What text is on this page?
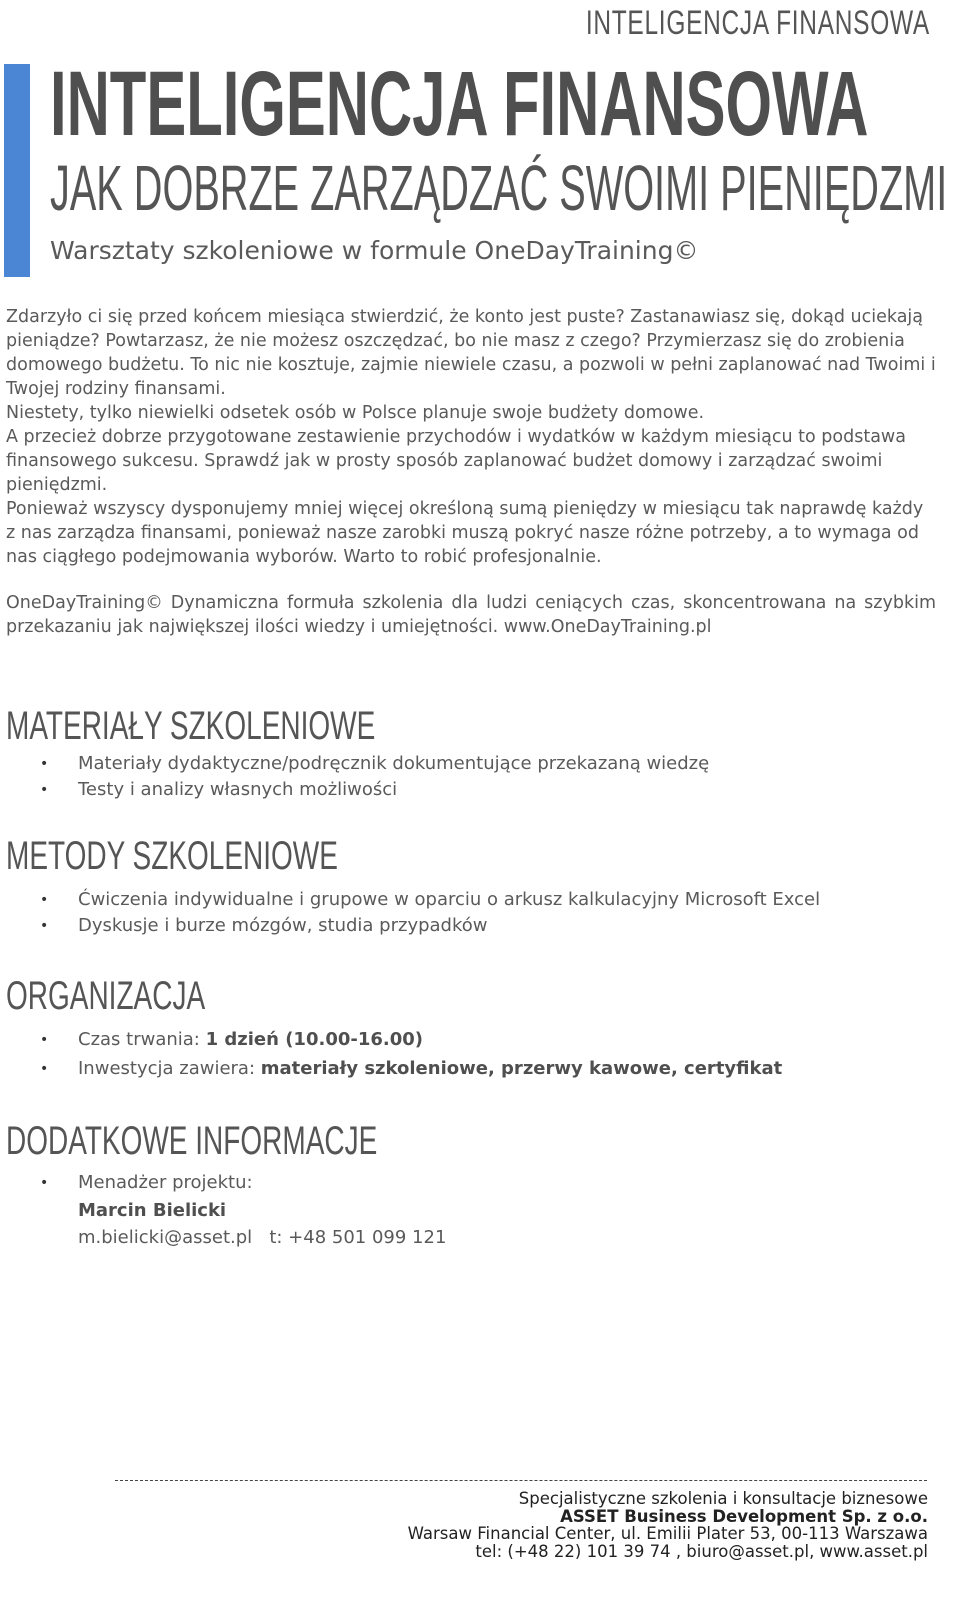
INTELIGENCJA FINANSOWA
INTELIGENCJA FINANSOWA
JAK DOBRZE ZARZĄDZAĆ SWOIMI PIENIĘDZMI
Warsztaty szkoleniowe w formule OneDayTraining©

Zdarzyło ci się przed końcem miesiąca stwierdzić, że konto jest puste? Zastanawiasz się, dokąd uciekają pieniądze? Powtarzasz, że nie możesz oszczędzać, bo nie masz z czego? Przymierzasz się do zrobienia domowego budżetu. To nic nie kosztuje, zajmie niewiele czasu, a pozwoli w pełni zaplanować nad Twoimi i Twojej rodziny finansami.

Niestety, tylko niewielki odsetek osób w Polsce planuje swoje budżety domowe.

A przecież dobrze przygotowane zestawienie przychodów i wydatków w każdym miesiącu to podstawa finansowego sukcesu. Sprawdź jak w prosty sposób zaplanować budżet domowy i zarządzać swoimi pieniędzmi.

Ponieważ wszyscy dysponujemy mniej więcej określoną sumą pieniędzy w miesiącu tak naprawdę każdy z nas zarządza finansami, ponieważ nasze zarobki muszą pokryć nasze różne potrzeby, a to wymaga od nas ciągłego podejmowania wyborów. Warto to robić profesjonalnie.

OneDayTraining© Dynamiczna formuła szkolenia dla ludzi ceniących czas, skoncentrowana na szybkim przekazaniu jak największej ilości wiedzy i umiejętności. www.OneDayTraining.pl

MATERIAŁY SZKOLENIOWE
• Materiały dydaktyczne/podręcznik dokumentujące przekazaną wiedzę
• Testy i analizy własnych możliwości
METODY SZKOLENIOWE
• Ćwiczenia indywidualne i grupowe w oparciu o arkusz kalkulacyjny Microsoft Excel
• Dyskusje i burze mózgów, studia przypadków
ORGANIZACJA
• Czas trwania: 1 dzień (10.00-16.00)
• Inwestycja zawiera: materiały szkoleniowe, przerwy kawowe, certyfikat
DODATKOWE INFORMACJE
• Menadżer projektu:
Marcin Bielicki
m.bielicki@asset.pl t: +48 501 099 121
Specjalistyczne szkolenia i konsultacje biznesowe
ASSET Business Development Sp. z o.o.
Warsaw Financial Center, ul. Emilii Plater 53, 00-113 Warszawa
tel: (+48 22) 101 39 74 , biuro@asset.pl, www.asset.pl
